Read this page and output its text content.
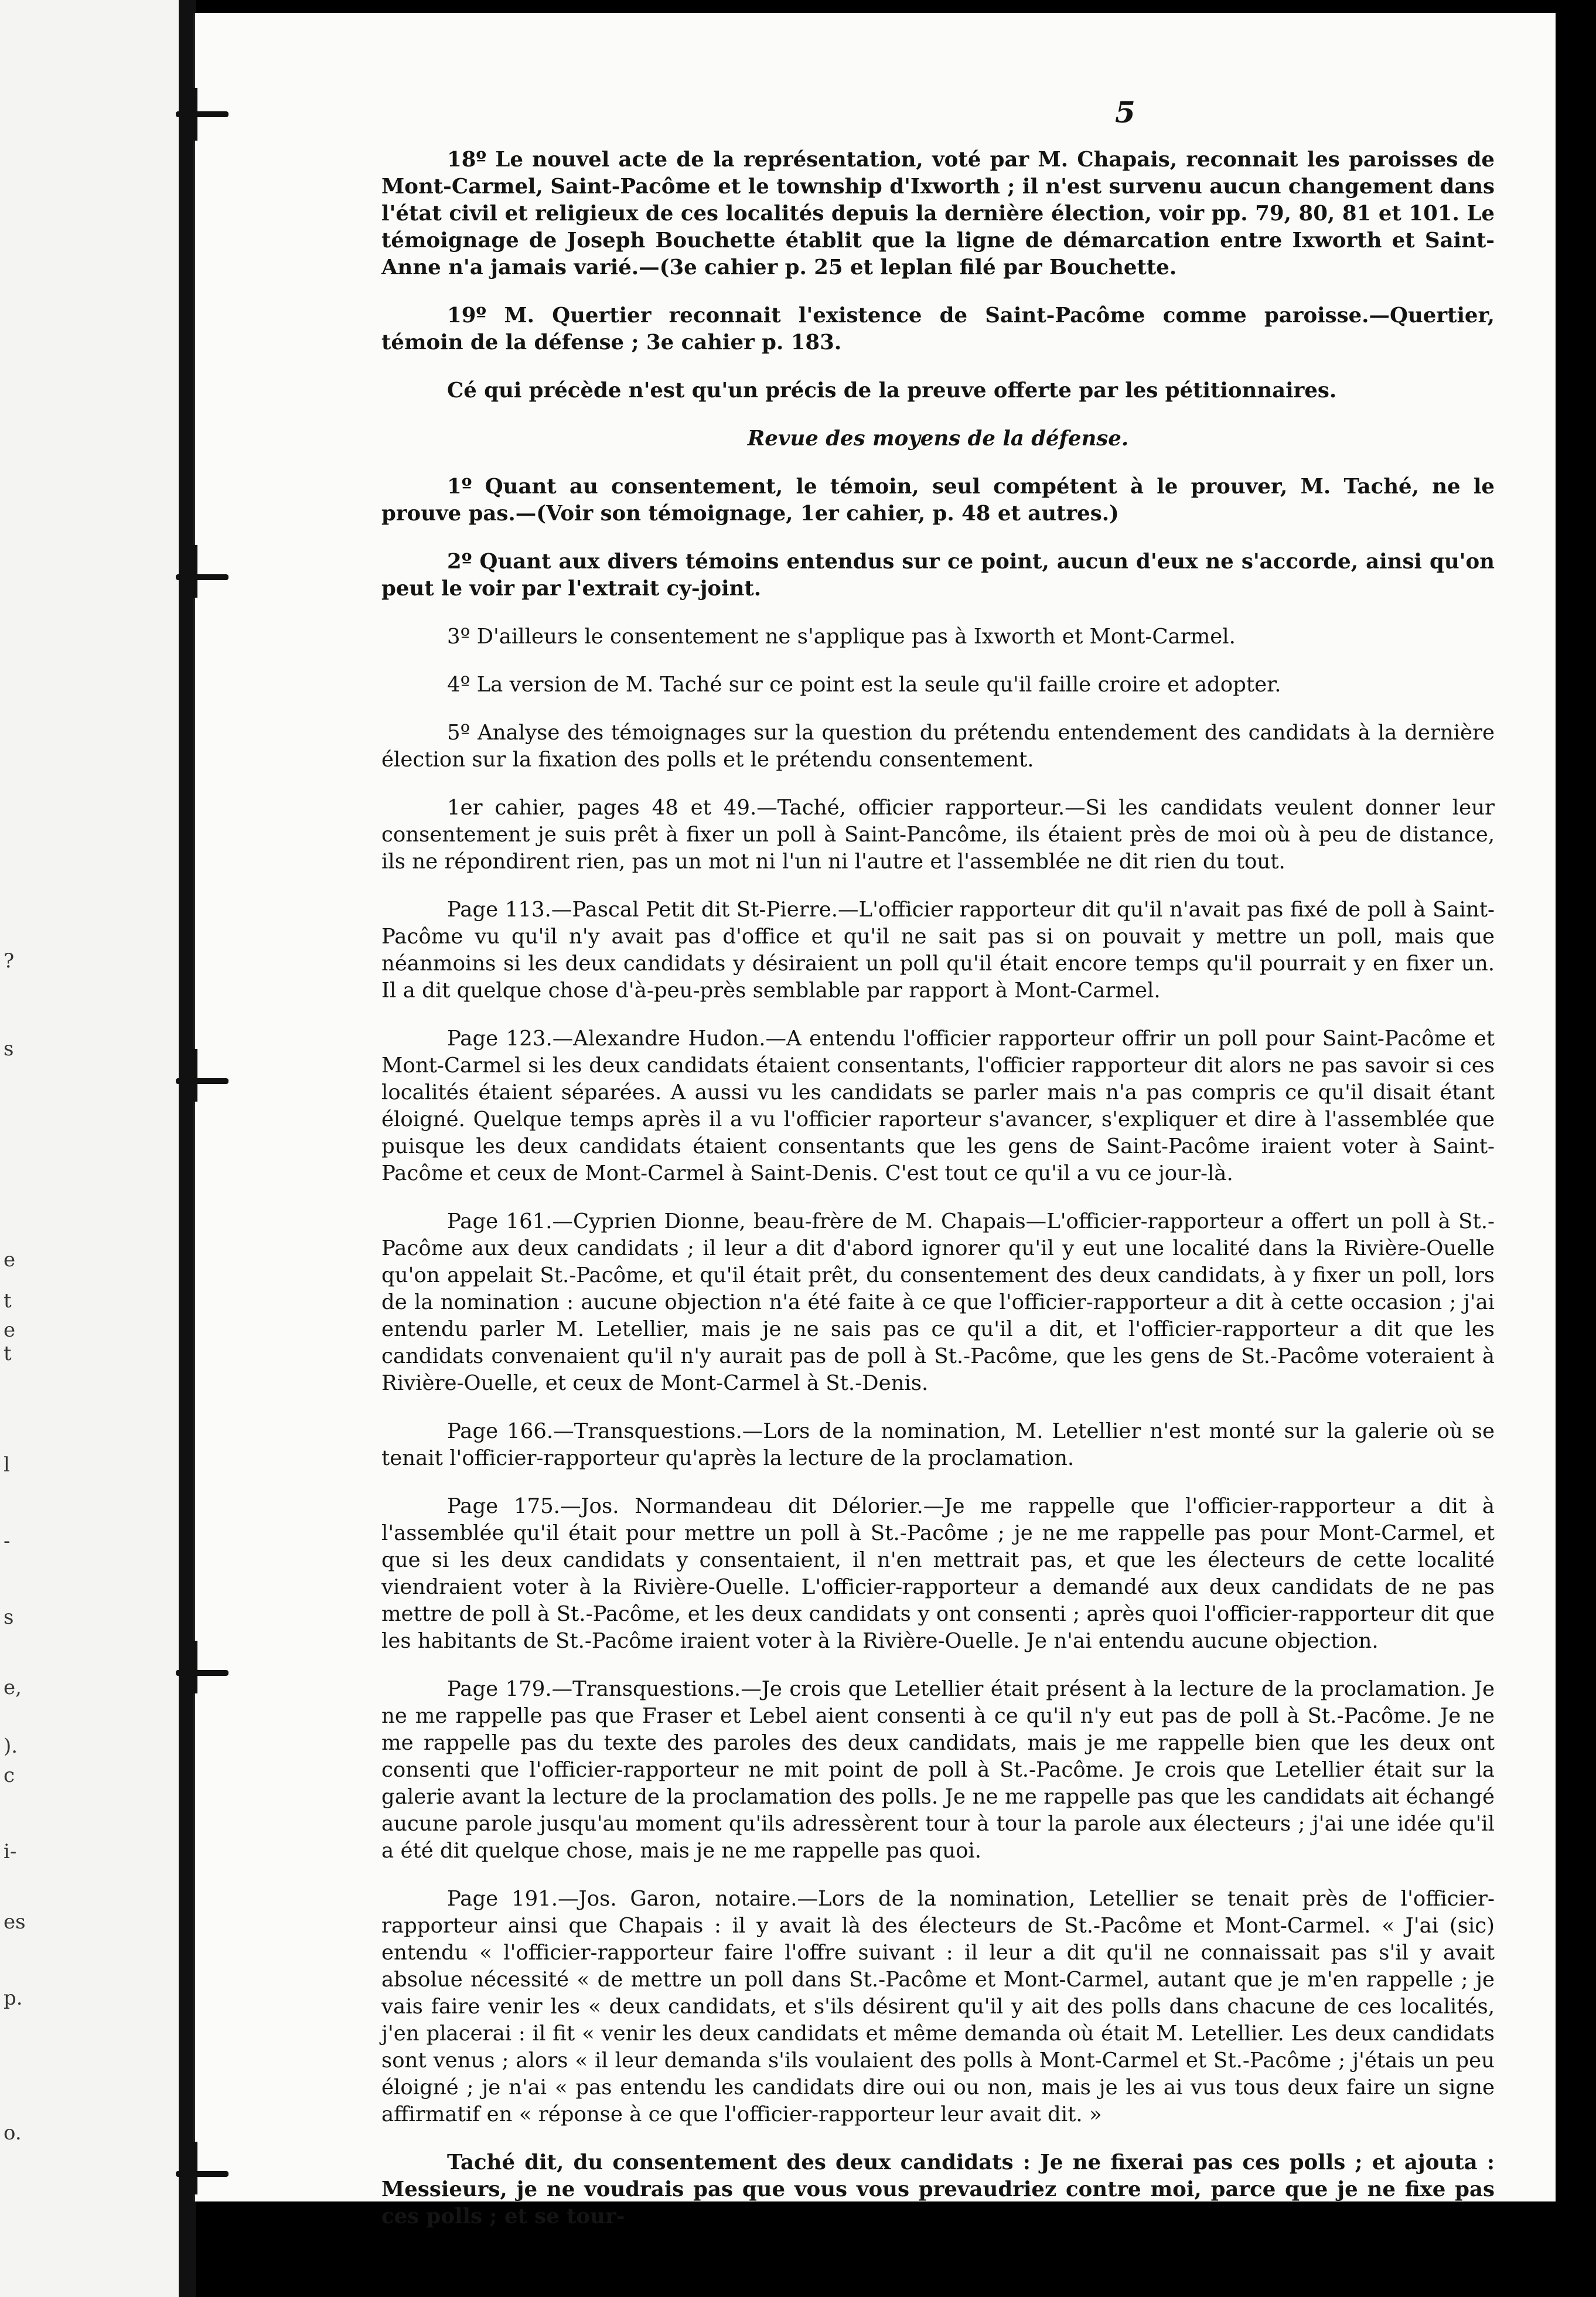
?
s
e
t
e
t
l
-
s
e,
).
c
i-
es
p.
o.
5

18º Le nouvel acte de la représentation, voté par M. Chapais, reconnait les paroisses de Mont-Carmel, Saint-Pacôme et le township d'Ixworth ; il n'est survenu aucun changement dans l'état civil et religieux de ces localités depuis la dernière élection, voir pp. 79, 80, 81 et 101. Le témoignage de Joseph Bouchette établit que la ligne de démarcation entre Ixworth et Saint-Anne n'a jamais varié.—(3e cahier p. 25 et leplan filé par Bouchette.

19º M. Quertier reconnait l'existence de Saint-Pacôme comme paroisse.—Quertier, témoin de la défense ; 3e cahier p. 183.

Cé qui précède n'est qu'un précis de la preuve offerte par les pétitionnaires.

Revue des moyens de la défense.

1º Quant au consentement, le témoin, seul compétent à le prouver, M. Taché, ne le prouve pas.—(Voir son témoignage, 1er cahier, p. 48 et autres.)

2º Quant aux divers témoins entendus sur ce point, aucun d'eux ne s'accorde, ainsi qu'on peut le voir par l'extrait cy-joint.

3º D'ailleurs le consentement ne s'applique pas à Ixworth et Mont-Carmel.

4º La version de M. Taché sur ce point est la seule qu'il faille croire et adopter.

5º Analyse des témoignages sur la question du prétendu entendement des candidats à la dernière élection sur la fixation des polls et le prétendu consentement.

1er cahier, pages 48 et 49.—Taché, officier rapporteur.—Si les candidats veulent donner leur consentement je suis prêt à fixer un poll à Saint-Pancôme, ils étaient près de moi où à peu de distance, ils ne répondirent rien, pas un mot ni l'un ni l'autre et l'assemblée ne dit rien du tout.

Page 113.—Pascal Petit dit St-Pierre.—L'officier rapporteur dit qu'il n'avait pas fixé de poll à Saint-Pacôme vu qu'il n'y avait pas d'office et qu'il ne sait pas si on pouvait y mettre un poll, mais que néanmoins si les deux candidats y désiraient un poll qu'il était encore temps qu'il pourrait y en fixer un. Il a dit quelque chose d'à-peu-près semblable par rapport à Mont-Carmel.

Page 123.—Alexandre Hudon.—A entendu l'officier rapporteur offrir un poll pour Saint-Pacôme et Mont-Carmel si les deux candidats étaient consentants, l'officier rapporteur dit alors ne pas savoir si ces localités étaient séparées. A aussi vu les candidats se parler mais n'a pas compris ce qu'il disait étant éloigné. Quelque temps après il a vu l'officier raporteur s'avancer, s'expliquer et dire à l'assemblée que puisque les deux candidats étaient consentants que les gens de Saint-Pacôme iraient voter à Saint-Pacôme et ceux de Mont-Carmel à Saint-Denis. C'est tout ce qu'il a vu ce jour-là.

Page 161.—Cyprien Dionne, beau-frère de M. Chapais—L'officier-rapporteur a offert un poll à St.-Pacôme aux deux candidats ; il leur a dit d'abord ignorer qu'il y eut une localité dans la Rivière-Ouelle qu'on appelait St.-Pacôme, et qu'il était prêt, du consentement des deux candidats, à y fixer un poll, lors de la nomination : aucune objection n'a été faite à ce que l'officier-rapporteur a dit à cette occasion ; j'ai entendu parler M. Letellier, mais je ne sais pas ce qu'il a dit, et l'officier-rapporteur a dit que les candidats convenaient qu'il n'y aurait pas de poll à St.-Pacôme, que les gens de St.-Pacôme voteraient à Rivière-Ouelle, et ceux de Mont-Carmel à St.-Denis.

Page 166.—Transquestions.—Lors de la nomination, M. Letellier n'est monté sur la galerie où se tenait l'officier-rapporteur qu'après la lecture de la proclamation.

Page 175.—Jos. Normandeau dit Délorier.—Je me rappelle que l'officier-rapporteur a dit à l'assemblée qu'il était pour mettre un poll à St.-Pacôme ; je ne me rappelle pas pour Mont-Carmel, et que si les deux candidats y consentaient, il n'en mettrait pas, et que les électeurs de cette localité viendraient voter à la Rivière-Ouelle. L'officier-rapporteur a demandé aux deux candidats de ne pas mettre de poll à St.-Pacôme, et les deux candidats y ont consenti ; après quoi l'officier-rapporteur dit que les habitants de St.-Pacôme iraient voter à la Rivière-Ouelle. Je n'ai entendu aucune objection.

Page 179.—Transquestions.—Je crois que Letellier était présent à la lecture de la proclamation. Je ne me rappelle pas que Fraser et Lebel aient consenti à ce qu'il n'y eut pas de poll à St.-Pacôme. Je ne me rappelle pas du texte des paroles des deux candidats, mais je me rappelle bien que les deux ont consenti que l'officier-rapporteur ne mit point de poll à St.-Pacôme. Je crois que Letellier était sur la galerie avant la lecture de la proclamation des polls. Je ne me rappelle pas que les candidats ait échangé aucune parole jusqu'au moment qu'ils adressèrent tour à tour la parole aux électeurs ; j'ai une idée qu'il a été dit quelque chose, mais je ne me rappelle pas quoi.

Page 191.—Jos. Garon, notaire.—Lors de la nomination, Letellier se tenait près de l'officier-rapporteur ainsi que Chapais : il y avait là des électeurs de St.-Pacôme et Mont-Carmel. « J'ai (sic) entendu « l'officier-rapporteur faire l'offre suivant : il leur a dit qu'il ne connaissait pas s'il y avait absolue nécessité « de mettre un poll dans St.-Pacôme et Mont-Carmel, autant que je m'en rappelle ; je vais faire venir les « deux candidats, et s'ils désirent qu'il y ait des polls dans chacune de ces localités, j'en placerai : il fit « venir les deux candidats et même demanda où était M. Letellier. Les deux candidats sont venus ; alors « il leur demanda s'ils voulaient des polls à Mont-Carmel et St.-Pacôme ; j'étais un peu éloigné ; je n'ai « pas entendu les candidats dire oui ou non, mais je les ai vus tous deux faire un signe affirmatif en « réponse à ce que l'officier-rapporteur leur avait dit. »

Taché dit, du consentement des deux candidats : Je ne fixerai pas ces polls ; et ajouta : Messieurs, je ne voudrais pas que vous vous prevaudriez contre moi, parce que je ne fixe pas ces polls ; et se tour-
